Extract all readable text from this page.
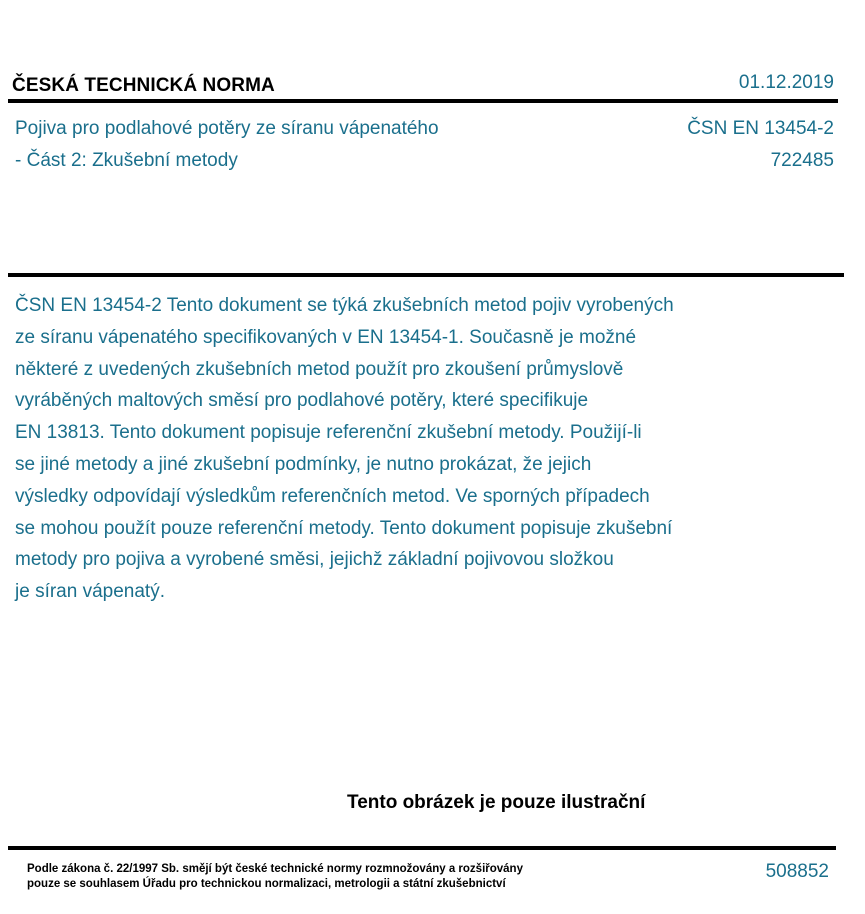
ČESKÁ TECHNICKÁ NORMA	01.12.2019
Pojiva pro podlahové potěry ze síranu vápenatého
- Část 2: Zkušební metody
ČSN EN 13454-2
722485
ČSN EN 13454-2 Tento dokument se týká zkušebních metod pojiv vyrobených
ze síranu vápenatého specifikovaných v EN 13454-1. Současně je možné
některé z uvedených zkušebních metod použít pro zkoušení průmyslově
vyráběných maltových směsí pro podlahové potěry, které specifikuje
EN 13813. Tento dokument popisuje referenční zkušební metody. Použijí-li
se jiné metody a jiné zkušební podmínky, je nutno prokázat, že jejich
výsledky odpovídají výsledkům referenčních metod. Ve sporných případech
se mohou použít pouze referenční metody. Tento dokument popisuje zkušební
metody pro pojiva a vyrobené směsi, jejichž základní pojivovou složkou
je síran vápenatý.
Tento obrázek je pouze ilustrační
Podle zákona č. 22/1997 Sb. smějí být české technické normy rozmnožovány a rozšiřovány
pouze se souhlasem Úřadu pro technickou normalizaci, metrologii a státní zkušebnictví
508852
